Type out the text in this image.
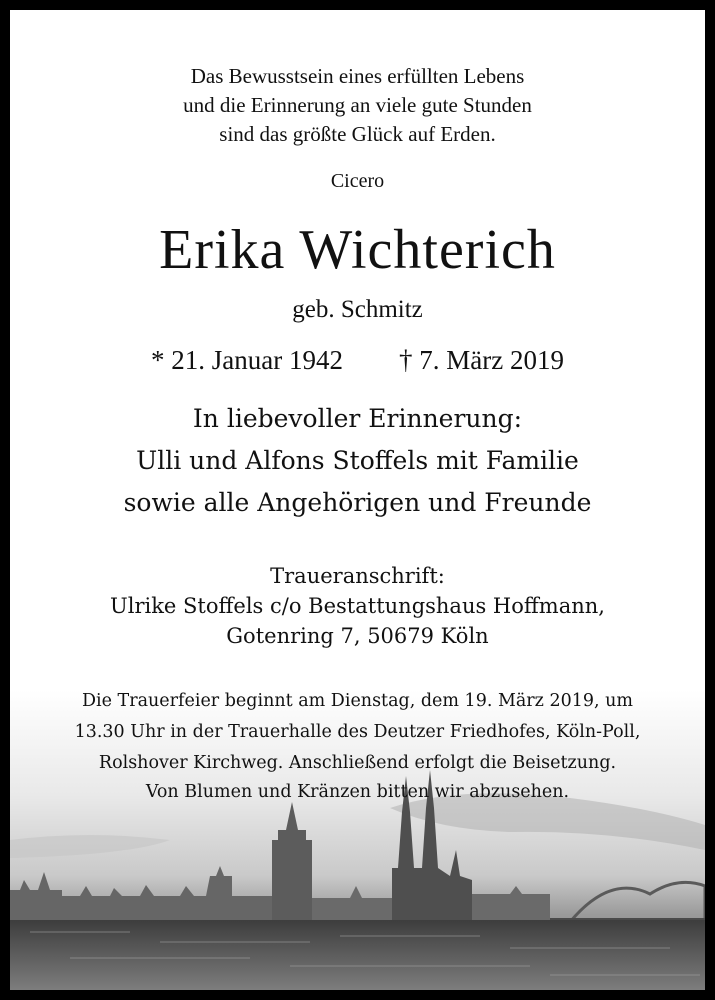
Das Bewusstsein eines erfüllten Lebens
und die Erinnerung an viele gute Stunden
sind das größte Glück auf Erden.
Cicero
Erika Wichterich
geb. Schmitz
* 21. Januar 1942 † 7. März 2019
In liebevoller Erinnerung:
Ulli und Alfons Stoffels mit Familie
sowie alle Angehörigen und Freunde
Traueranschrift:
Ulrike Stoffels c/o Bestattungshaus Hoffmann,
Gotenring 7, 50679 Köln
Die Trauerfeier beginnt am Dienstag, dem 19. März 2019, um
13.30 Uhr in der Trauerhalle des Deutzer Friedhofes, Köln-Poll,
Rolshover Kirchweg. Anschließend erfolgt die Beisetzung.
Von Blumen und Kränzen bitten wir abzusehen.
